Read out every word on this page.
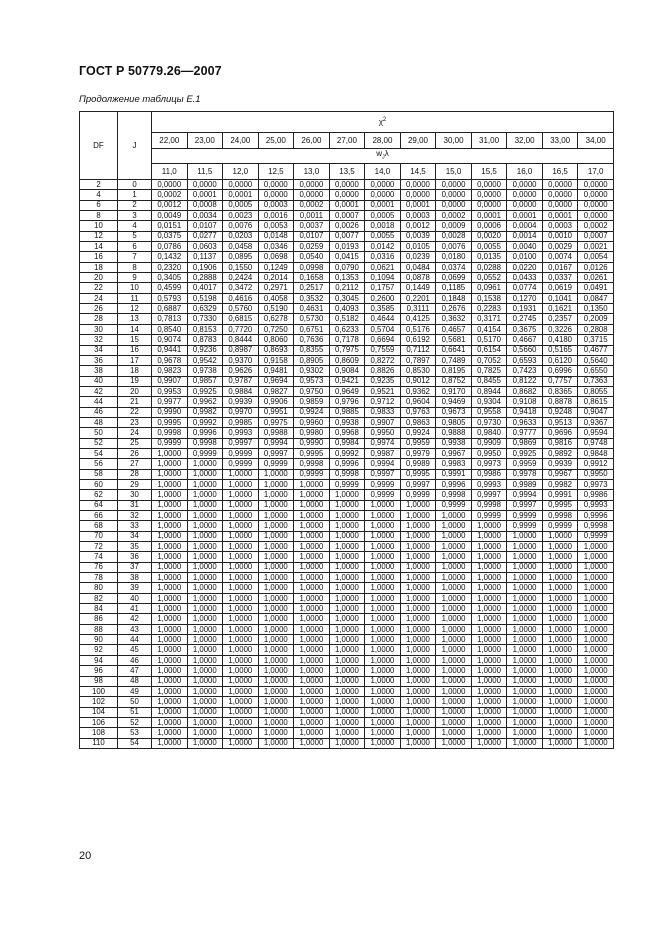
ГОСТ Р 50779.26—2007
Продолжение таблицы Е.1
DF	J	$\chi^2$
		22,00	23,00	24,00	25,00	26,00	27,00	28,00	29,00	30,00	31,00	32,00	33,00	34,00
		$w_J\lambda$												
		11,0	11,5	12,0	12,5	13,0	13,5	14,0	14,5	15,0	15,5	16,0	16,5	17,0
2	0	0,0000	0,0000	0,0000	0,0000	0,0000	0,0000	0,0000	0,0000	0,0000	0,0000	0,0000	0,0000	0,0000
4	1	0,0002	0,0001	0,0001	0,0000	0,0000	0,0000	0,0000	0,0000	0,0000	0,0000	0,0000	0,0000	0,0000
6	2	0,0012	0,0008	0,0005	0,0003	0,0002	0,0001	0,0001	0,0001	0,0000	0,0000	0,0000	0,0000	0,0000
8	3	0,0049	0,0034	0,0023	0,0016	0,0011	0,0007	0,0005	0,0003	0,0002	0,0001	0,0001	0,0001	0,0000
10	4	0,0151	0,0107	0,0076	0,0053	0,0037	0,0026	0,0018	0,0012	0,0009	0,0006	0,0004	0,0003	0,0002
12	5	0,0375	0,0277	0,0203	0,0148	0,0107	0,0077	0,0055	0,0039	0,0028	0,0020	0,0014	0,0010	0,0007
14	6	0,0786	0,0603	0,0458	0,0346	0,0259	0,0193	0,0142	0,0105	0,0076	0,0055	0,0040	0,0029	0,0021
16	7	0,1432	0,1137	0,0895	0,0698	0,0540	0,0415	0,0316	0,0239	0,0180	0,0135	0,0100	0,0074	0,0054
18	8	0,2320	0,1906	0,1550	0,1249	0,0998	0,0790	0,0621	0,0484	0,0374	0,0288	0,0220	0,0167	0,0126
20	9	0,3405	0,2888	0,2424	0,2014	0,1658	0,1353	0,1094	0,0878	0,0699	0,0552	0,0433	0,0337	0,0261
22	10	0,4599	0,4017	0,3472	0,2971	0,2517	0,2112	0,1757	0,1449	0,1185	0,0961	0,0774	0,0619	0,0491
24	11	0,5793	0,5198	0,4616	0,4058	0,3532	0,3045	0,2600	0,2201	0,1848	0,1538	0,1270	0,1041	0,0847
26	12	0,6887	0,6329	0,5760	0,5190	0,4631	0,4093	0,3585	0,3111	0,2676	0,2283	0,1931	0,1621	0,1350
28	13	0,7813	0,7330	0,6815	0,6278	0,5730	0,5182	0,4644	0,4125	0,3632	0,3171	0,2745	0,2357	0,2009
30	14	0,8540	0,8153	0,7720	0,7250	0,6751	0,6233	0,5704	0,5176	0,4657	0,4154	0,3675	0,3226	0,2808
32	15	0,9074	0,8783	0,8444	0,8060	0,7636	0,7178	0,6694	0,6192	0,5681	0,5170	0,4667	0,4180	0,3715
34	16	0,9441	0,9236	0,8987	0,8693	0,8355	0,7975	0,7559	0,7112	0,6641	0,6154	0,5660	0,5165	0,4677
36	17	0,9678	0,9542	0,9370	0,9158	0,8905	0,8609	0,8272	0,7897	0,7489	0,7052	0,6593	0,6120	0,5640
38	18	0,9823	0,9738	0,9626	0,9481	0,9302	0,9084	0,8826	0,8530	0,8195	0,7825	0,7423	0,6996	0,6550
40	19	0,9907	0,9857	0,9787	0,9694	0,9573	0,9421	0,9235	0,9012	0,8752	0,8455	0,8122	0,7757	0,7363
42	20	0,9953	0,9925	0,9884	0,9827	0,9750	0,9649	0,9521	0,9362	0,9170	0,8944	0,8682	0,8365	0,8055
44	21	0,9977	0,9962	0,9939	0,9906	0,9859	0,9796	0,9712	0,9604	0,9469	0,9304	0,9108	0,8878	0,8615
46	22	0,9990	0,9982	0,9970	0,9951	0,9924	0,9885	0,9833	0,9763	0,9673	0,9558	0,9418	0,9248	0,9047
48	23	0,9995	0,9992	0,9985	0,9975	0,9960	0,9938	0,9907	0,9863	0,9805	0,9730	0,9633	0,9513	0,9367
50	24	0,9998	0,9996	0,9993	0,9988	0,9980	0,9968	0,9950	0,9924	0,9888	0,9840	0,9777	0,9696	0,9594
52	25	0,9999	0,9998	0,9997	0,9994	0,9990	0,9984	0,9974	0,9959	0,9938	0,9909	0,9869	0,9816	0,9748
54	26	1,0000	0,9999	0,9999	0,9997	0,9995	0,9992	0,9987	0,9979	0,9967	0,9950	0,9925	0,9892	0,9848
56	27	1,0000	1,0000	0,9999	0,9999	0,9998	0,9996	0,9994	0,9989	0,9983	0,9973	0,9959	0,9939	0,9912
58	28	1,0000	1,0000	1,0000	1,0000	0,9999	0,9998	0,9997	0,9995	0,9991	0,9986	0,9978	0,9967	0,9950
60	29	1,0000	1,0000	1,0000	1,0000	1,0000	0,9999	0,9999	0,9997	0,9996	0,9993	0,9989	0,9982	0,9973
62	30	1,0000	1,0000	1,0000	1,0000	1,0000	1,0000	0,9999	0,9999	0,9998	0,9997	0,9994	0,9991	0,9986
64	31	1,0000	1,0000	1,0000	1,0000	1,0000	1,0000	1,0000	1,0000	0,9999	0,9998	0,9997	0,9995	0,9993
66	32	1,0000	1,0000	1,0000	1,0000	1,0000	1,0000	1,0000	1,0000	1,0000	0,9999	0,9999	0,9998	0,9996
68	33	1,0000	1,0000	1,0000	1,0000	1,0000	1,0000	1,0000	1,0000	1,0000	1,0000	0,9999	0,9999	0,9998
70	34	1,0000	1,0000	1,0000	1,0000	1,0000	1,0000	1,0000	1,0000	1,0000	1,0000	1,0000	1,0000	0,9999
72	35	1,0000	1,0000	1,0000	1,0000	1,0000	1,0000	1,0000	1,0000	1,0000	1,0000	1,0000	1,0000	1,0000
74	36	1,0000	1,0000	1,0000	1,0000	1,0000	1,0000	1,0000	1,0000	1,0000	1,0000	1,0000	1,0000	1,0000
76	37	1,0000	1,0000	1,0000	1,0000	1,0000	1,0000	1,0000	1,0000	1,0000	1,0000	1,0000	1,0000	1,0000
78	38	1,0000	1,0000	1,0000	1,0000	1,0000	1,0000	1,0000	1,0000	1,0000	1,0000	1,0000	1,0000	1,0000
80	39	1,0000	1,0000	1,0000	1,0000	1,0000	1,0000	1,0000	1,0000	1,0000	1,0000	1,0000	1,0000	1,0000
82	40	1,0000	1,0000	1,0000	1,0000	1,0000	1,0000	1,0000	1,0000	1,0000	1,0000	1,0000	1,0000	1,0000
84	41	1,0000	1,0000	1,0000	1,0000	1,0000	1,0000	1,0000	1,0000	1,0000	1,0000	1,0000	1,0000	1,0000
86	42	1,0000	1,0000	1,0000	1,0000	1,0000	1,0000	1,0000	1,0000	1,0000	1,0000	1,0000	1,0000	1,0000
88	43	1,0000	1,0000	1,0000	1,0000	1,0000	1,0000	1,0000	1,0000	1,0000	1,0000	1,0000	1,0000	1,0000
90	44	1,0000	1,0000	1,0000	1,0000	1,0000	1,0000	1,0000	1,0000	1,0000	1,0000	1,0000	1,0000	1,0000
92	45	1,0000	1,0000	1,0000	1,0000	1,0000	1,0000	1,0000	1,0000	1,0000	1,0000	1,0000	1,0000	1,0000
94	46	1,0000	1,0000	1,0000	1,0000	1,0000	1,0000	1,0000	1,0000	1,0000	1,0000	1,0000	1,0000	1,0000
96	47	1,0000	1,0000	1,0000	1,0000	1,0000	1,0000	1,0000	1,0000	1,0000	1,0000	1,0000	1,0000	1,0000
98	48	1,0000	1,0000	1,0000	1,0000	1,0000	1,0000	1,0000	1,0000	1,0000	1,0000	1,0000	1,0000	1,0000
100	49	1,0000	1,0000	1,0000	1,0000	1,0000	1,0000	1,0000	1,0000	1,0000	1,0000	1,0000	1,0000	1,0000
102	50	1,0000	1,0000	1,0000	1,0000	1,0000	1,0000	1,0000	1,0000	1,0000	1,0000	1,0000	1,0000	1,0000
104	51	1,0000	1,0000	1,0000	1,0000	1,0000	1,0000	1,0000	1,0000	1,0000	1,0000	1,0000	1,0000	1,0000
106	52	1,0000	1,0000	1,0000	1,0000	1,0000	1,0000	1,0000	1,0000	1,0000	1,0000	1,0000	1,0000	1,0000
108	53	1,0000	1,0000	1,0000	1,0000	1,0000	1,0000	1,0000	1,0000	1,0000	1,0000	1,0000	1,0000	1,0000
110	54	1,0000	1,0000	1,0000	1,0000	1,0000	1,0000	1,0000	1,0000	1,0000	1,0000	1,0000	1,0000	1,0000
20
